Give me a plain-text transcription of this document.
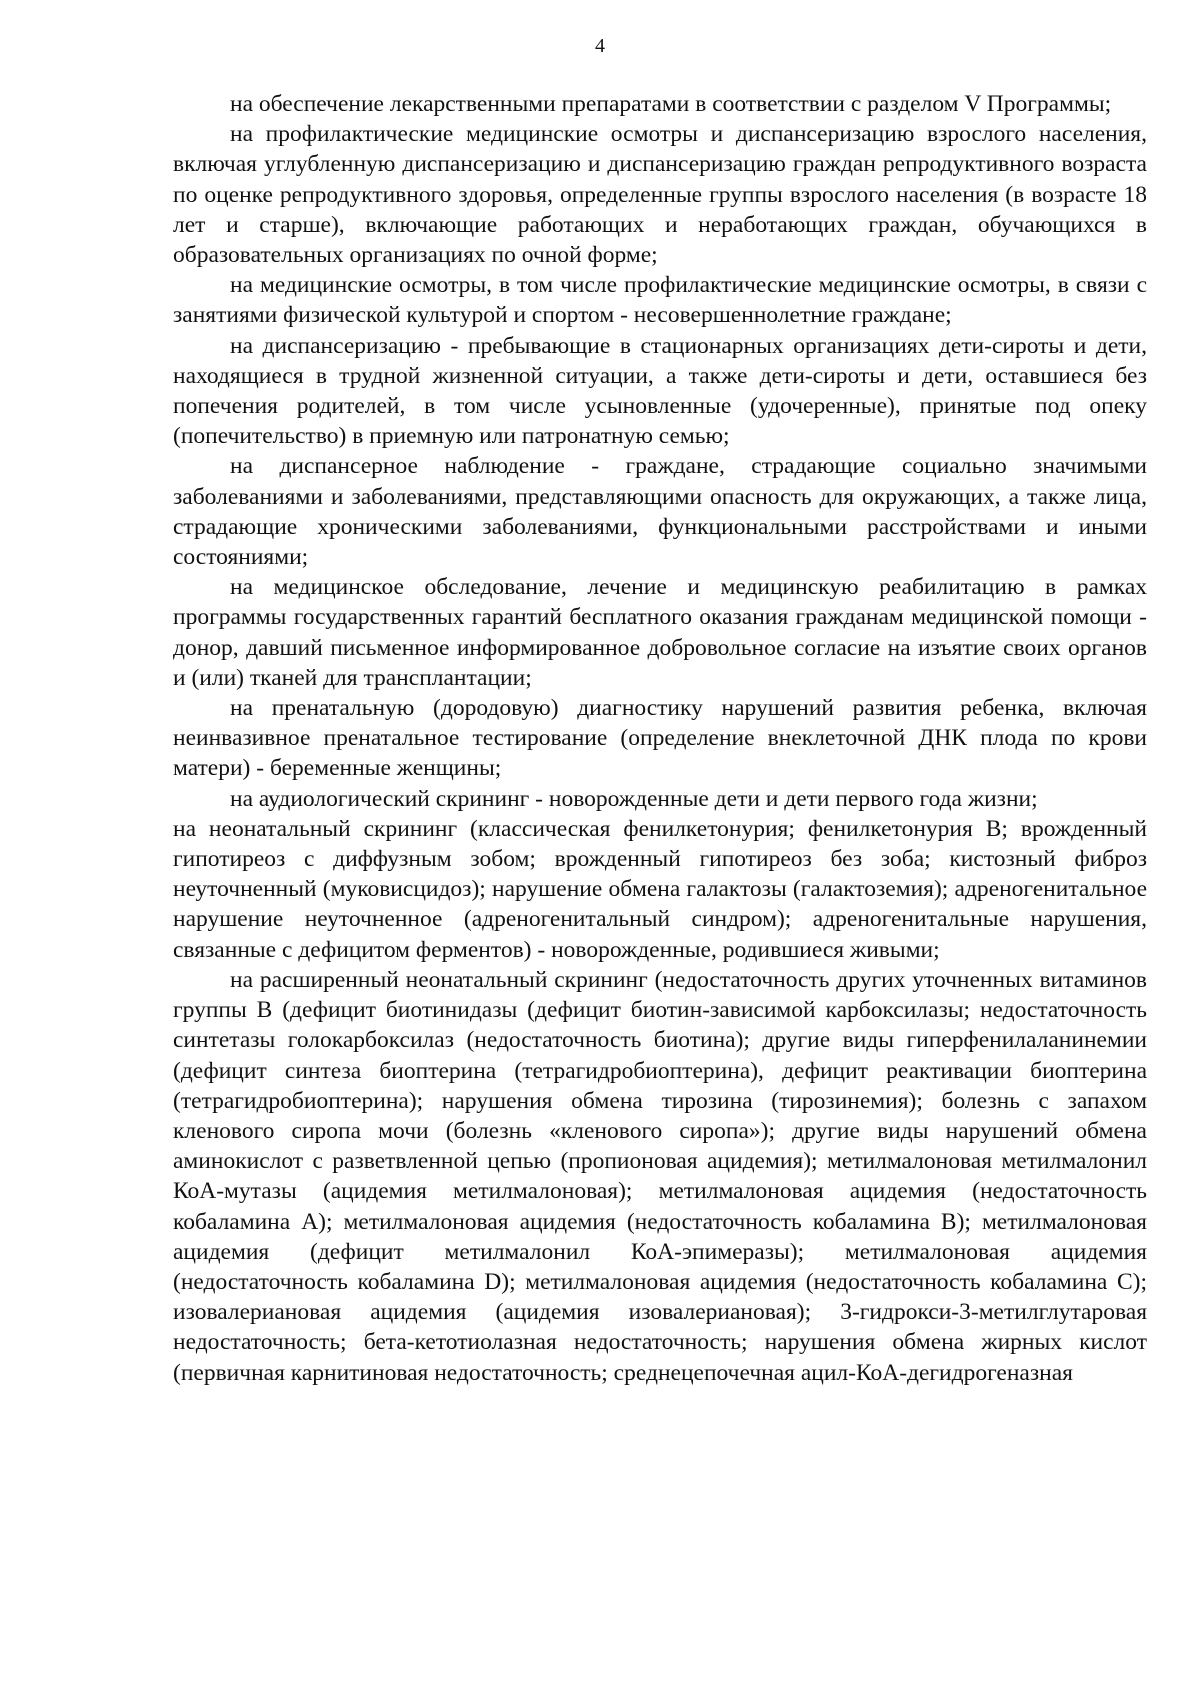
4

на обеспечение лекарственными препаратами в соответствии с разделом V Программы;

на профилактические медицинские осмотры и диспансеризацию взрослого населения, включая углубленную диспансеризацию и диспансеризацию граждан репродуктивного возраста по оценке репродуктивного здоровья, определенные группы взрослого населения (в возрасте 18 лет и старше), включающие работающих и неработающих граждан, обучающихся в образовательных организациях по очной форме;

на медицинские осмотры, в том числе профилактические медицинские осмотры, в связи с занятиями физической культурой и спортом - несовершеннолетние граждане;

на диспансеризацию - пребывающие в стационарных организациях дети-сироты и дети, находящиеся в трудной жизненной ситуации, а также дети-сироты и дети, оставшиеся без попечения родителей, в том числе усыновленные (удочеренные), принятые под опеку (попечительство) в приемную или патронатную семью;

на диспансерное наблюдение - граждане, страдающие социально значимыми заболеваниями и заболеваниями, представляющими опасность для окружающих, а также лица, страдающие хроническими заболеваниями, функциональными расстройствами и иными состояниями;

на медицинское обследование, лечение и медицинскую реабилитацию в рамках программы государственных гарантий бесплатного оказания гражданам медицинской помощи - донор, давший письменное информированное добровольное согласие на изъятие своих органов и (или) тканей для трансплантации;

на пренатальную (дородовую) диагностику нарушений развития ребенка, включая неинвазивное пренатальное тестирование (определение внеклеточной ДНК плода по крови матери) - беременные женщины;

на аудиологический скрининг - новорожденные дети и дети первого года жизни;

на неонатальный скрининг (классическая фенилкетонурия; фенилкетонурия В; врожденный гипотиреоз с диффузным зобом; врожденный гипотиреоз без зоба; кистозный фиброз неуточненный (муковисцидоз); нарушение обмена галактозы (галактоземия); адреногенитальное нарушение неуточненное (адреногенитальный синдром); адреногенитальные нарушения, связанные с дефицитом ферментов) - новорожденные, родившиеся живыми;

на расширенный неонатальный скрининг (недостаточность других уточненных витаминов группы В (дефицит биотинидазы (дефицит биотин-зависимой карбоксилазы; недостаточность синтетазы голокарбоксилаз (недостаточность биотина); другие виды гиперфенилаланинемии (дефицит синтеза биоптерина (тетрагидробиоптерина), дефицит реактивации биоптерина (тетрагидробиоптерина); нарушения обмена тирозина (тирозинемия); болезнь с запахом кленового сиропа мочи (болезнь «кленового сиропа»); другие виды нарушений обмена аминокислот с разветвленной цепью (пропионовая ацидемия); метилмалоновая метилмалонил КоА-мутазы (ацидемия метилмалоновая); метилмалоновая ацидемия (недостаточность кобаламина А); метилмалоновая ацидемия (недостаточность кобаламина В); метилмалоновая ацидемия (дефицит метилмалонил КоА-эпимеразы); метилмалоновая ацидемия (недостаточность кобаламина D); метилмалоновая ацидемия (недостаточность кобаламина С); изовалериановая ацидемия (ацидемия изовалериановая); 3-гидрокси-3-метилглутаровая недостаточность; бета-кетотиолазная недостаточность; нарушения обмена жирных кислот (первичная карнитиновая недостаточность; среднецепочечная ацил-КоА-дегидрогеназная
